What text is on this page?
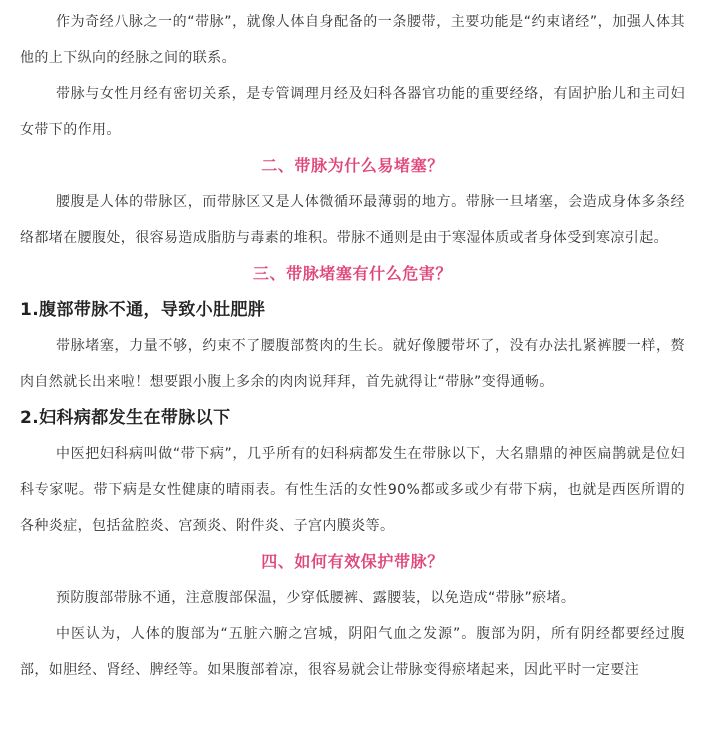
作为奇经八脉之一的“带脉”，就像人体自身配备的一条腰带，主要功能是“约束诸经”，加强人体其他的上下纵向的经脉之间的联系。

带脉与女性月经有密切关系，是专管调理月经及妇科各器官功能的重要经络，有固护胎儿和主司妇女带下的作用。

二、带脉为什么易堵塞？

腰腹是人体的带脉区，而带脉区又是人体微循环最薄弱的地方。带脉一旦堵塞，会造成身体多条经络都堵在腰腹处，很容易造成脂肪与毒素的堆积。带脉不通则是由于寒湿体质或者身体受到寒凉引起。

三、带脉堵塞有什么危害？
1.腹部带脉不通，导致小肚肥胖

带脉堵塞，力量不够，约束不了腰腹部赘肉的生长。就好像腰带坏了，没有办法扎紧裤腰一样，赘肉自然就长出来啦！想要跟小腹上多余的肉肉说拜拜，首先就得让“带脉”变得通畅。

2.妇科病都发生在带脉以下

中医把妇科病叫做“带下病”，几乎所有的妇科病都发生在带脉以下，大名鼎鼎的神医扁鹊就是位妇科专家呢。带下病是女性健康的晴雨表。有性生活的女性90%都或多或少有带下病，也就是西医所谓的各种炎症，包括盆腔炎、宫颈炎、附件炎、子宫内膜炎等。

四、如何有效保护带脉？

预防腹部带脉不通，注意腹部保温，少穿低腰裤、露腰装，以免造成“带脉”瘀堵。

中医认为，人体的腹部为“五脏六腑之宫城，阴阳气血之发源”。腹部为阴，所有阴经都要经过腹部，如胆经、肾经、脾经等。如果腹部着凉，很容易就会让带脉变得瘀堵起来，因此平时一定要注
